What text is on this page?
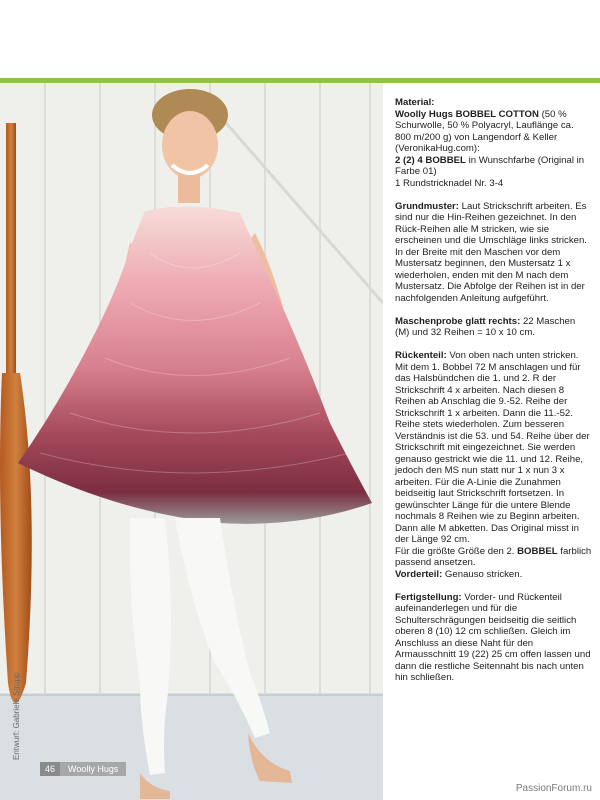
Entwurf: Gabriele Strupp
46	Woolly Hugs

Material:
Woolly Hugs BOBBEL COTTON (50 % Schurwolle, 50 % Polyacryl, Lauflänge ca. 800 m/200 g) von Langendorf & Keller (VeronikaHug.com):
2 (2) 4 BOBBEL in Wunschfarbe (Original in Farbe 01)
1 Rundstricknadel Nr. 3-4

Grundmuster: Laut Strickschrift arbeiten. Es sind nur die Hin-Reihen gezeichnet. In den Rück-Reihen alle M stricken, wie sie erscheinen und die Umschläge links stricken. In der Breite mit den Maschen vor dem Mustersatz beginnen, den Mustersatz 1 x wiederholen, enden mit den M nach dem Mustersatz. Die Abfolge der Reihen ist in der nachfolgenden Anleitung aufgeführt.

Maschenprobe glatt rechts: 22 Maschen (M) und 32 Reihen = 10 x 10 cm.

Rückenteil: Von oben nach unten stricken. Mit dem 1. Bobbel 72 M anschlagen und für das Halsbündchen die 1. und 2. R der Strickschrift 4 x arbeiten. Nach diesen 8 Reihen ab Anschlag die 9.-52. Reihe der Strickschrift 1 x arbeiten. Dann die 11.-52. Reihe stets wiederholen. Zum besseren Verständnis ist die 53. und 54. Reihe über der Strickschrift mit eingezeichnet. Sie werden genauso gestrickt wie die 11. und 12. Reihe, jedoch den MS nun statt nur 1 x nun 3 x arbeiten. Für die A-Linie die Zunahmen beidseitig laut Strickschrift fortsetzen. In gewünschter Länge für die untere Blende nochmals 8 Reihen wie zu Beginn arbeiten. Dann alle M abketten. Das Original misst in der Länge 92 cm.
Für die größte Größe den 2. BOBBEL farblich passend ansetzen.

Vorderteil: Genauso stricken.

Fertigstellung: Vorder- und Rückenteil aufeinanderlegen und für die Schulterschrägungen beidseitig die seitlich oberen 8 (10) 12 cm schließen. Gleich im Anschluss an diese Naht für den Armausschnitt 19 (22) 25 cm offen lassen und dann die restliche Seitennaht bis nach unten hin schließen.

PassionForum.ru
